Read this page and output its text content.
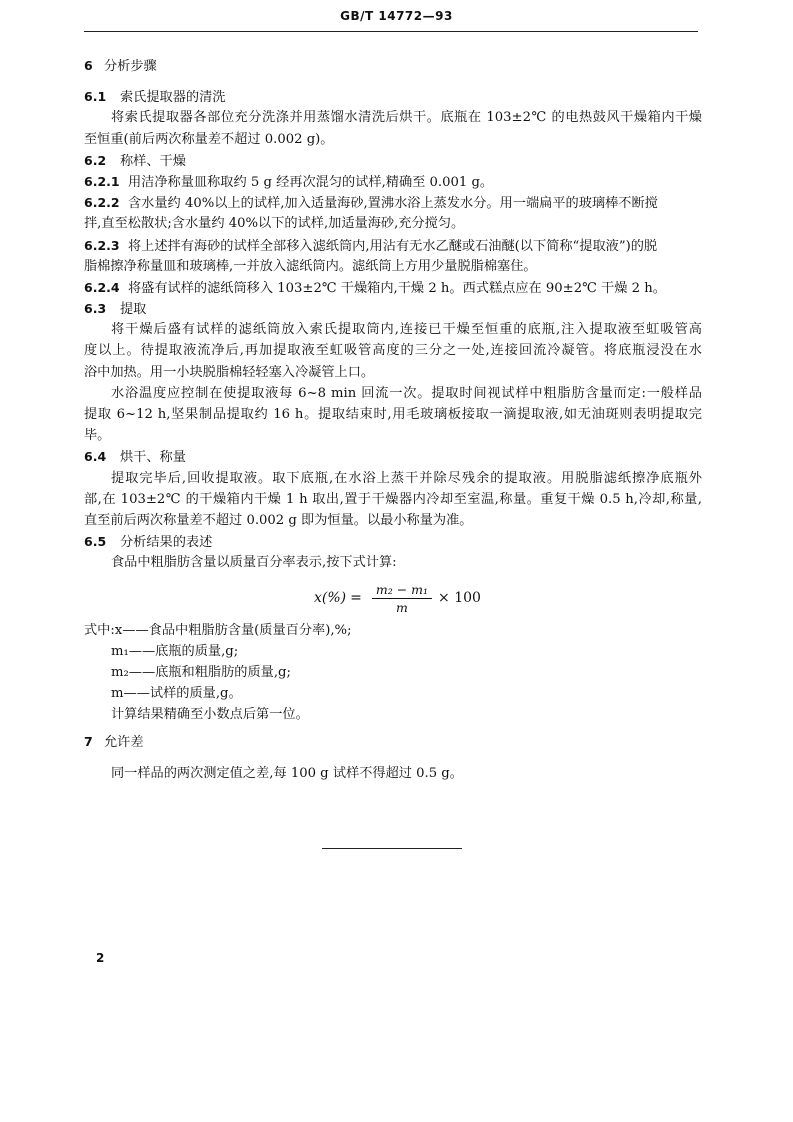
GB/T 14772—93
6 分析步骤
6.1 索氏提取器的清洗
将索氏提取器各部位充分洗涤并用蒸馏水清洗后烘干。底瓶在 103±2℃ 的电热鼓风干燥箱内干燥
至恒重(前后两次称量差不超过 0.002 g)。
6.2 称样、干燥
6.2.1 用洁净称量皿称取约 5 g 经再次混匀的试样,精确至 0.001 g。
6.2.2 含水量约 40%以上的试样,加入适量海砂,置沸水浴上蒸发水分。用一端扁平的玻璃棒不断搅
拌,直至松散状;含水量约 40%以下的试样,加适量海砂,充分搅匀。
6.2.3 将上述拌有海砂的试样全部移入滤纸筒内,用沾有无水乙醚或石油醚(以下简称“提取液”)的脱
脂棉擦净称量皿和玻璃棒,一并放入滤纸筒内。滤纸筒上方用少量脱脂棉塞住。
6.2.4 将盛有试样的滤纸筒移入 103±2℃ 干燥箱内,干燥 2 h。西式糕点应在 90±2℃ 干燥 2 h。
6.3 提取
将干燥后盛有试样的滤纸筒放入索氏提取筒内,连接已干燥至恒重的底瓶,注入提取液至虹吸管高
度以上。待提取液流净后,再加提取液至虹吸管高度的三分之一处,连接回流冷凝管。将底瓶浸没在水
浴中加热。用一小块脱脂棉轻轻塞入冷凝管上口。
水浴温度应控制在使提取液每 6~8 min 回流一次。提取时间视试样中粗脂肪含量而定:一般样品
提取 6~12 h,坚果制品提取约 16 h。提取结束时,用毛玻璃板接取一滴提取液,如无油斑则表明提取完
毕。
6.4 烘干、称量
提取完毕后,回收提取液。取下底瓶,在水浴上蒸干并除尽残余的提取液。用脱脂滤纸擦净底瓶外
部,在 103±2℃ 的干燥箱内干燥 1 h 取出,置于干燥器内冷却至室温,称量。重复干燥 0.5 h,冷却,称量,
直至前后两次称量差不超过 0.002 g 即为恒量。以最小称量为准。
6.5 分析结果的表述
食品中粗脂肪含量以质量百分率表示,按下式计算:
$x(\%) = \frac{\text{m₂ − m₁}}{m} \times 100$
式中:x——食品中粗脂肪含量(质量百分率),%;
m₁——底瓶的质量,g;
m₂——底瓶和粗脂肪的质量,g;
m——试样的质量,g。
计算结果精确至小数点后第一位。
7 允许差
同一样品的两次测定值之差,每 100 g 试样不得超过 0.5 g。
2
